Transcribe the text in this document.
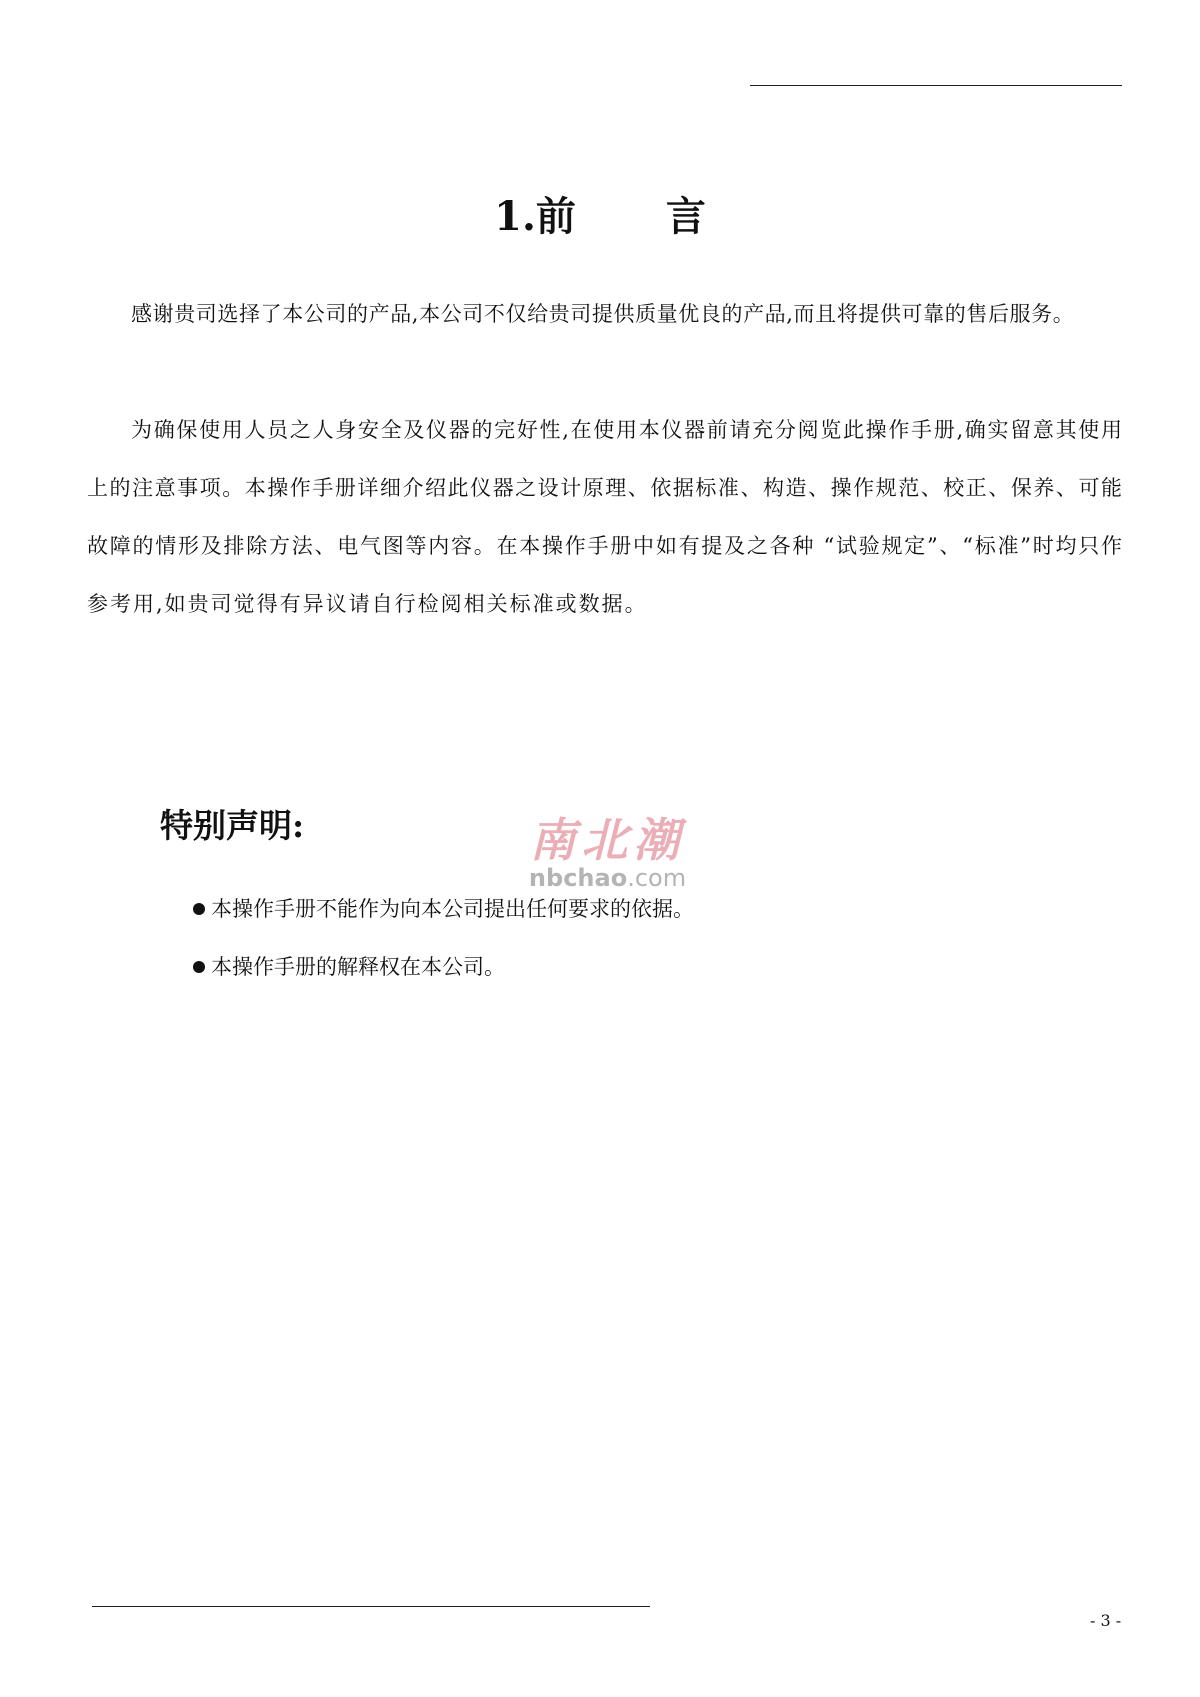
1.前 言
感谢贵司选择了本公司的产品,本公司不仅给贵司提供质量优良的产品,而且将提供可靠的售后服务。
为确保使用人员之人身安全及仪器的完好性,在使用本仪器前请充分阅览此操作手册,确实留意其使用
上的注意事项。本操作手册详细介绍此仪器之设计原理、依据标准、构造、操作规范、校正、保养、可能
故障的情形及排除方法、电气图等内容。在本操作手册中如有提及之各种 “试验规定”、“标准”时均只作
参考用,如贵司觉得有异议请自行检阅相关标准或数据。
特别声明:	南北潮
nbchao.com
本操作手册不能作为向本公司提出任何要求的依据。
本操作手册的解释权在本公司。
- 3 -
